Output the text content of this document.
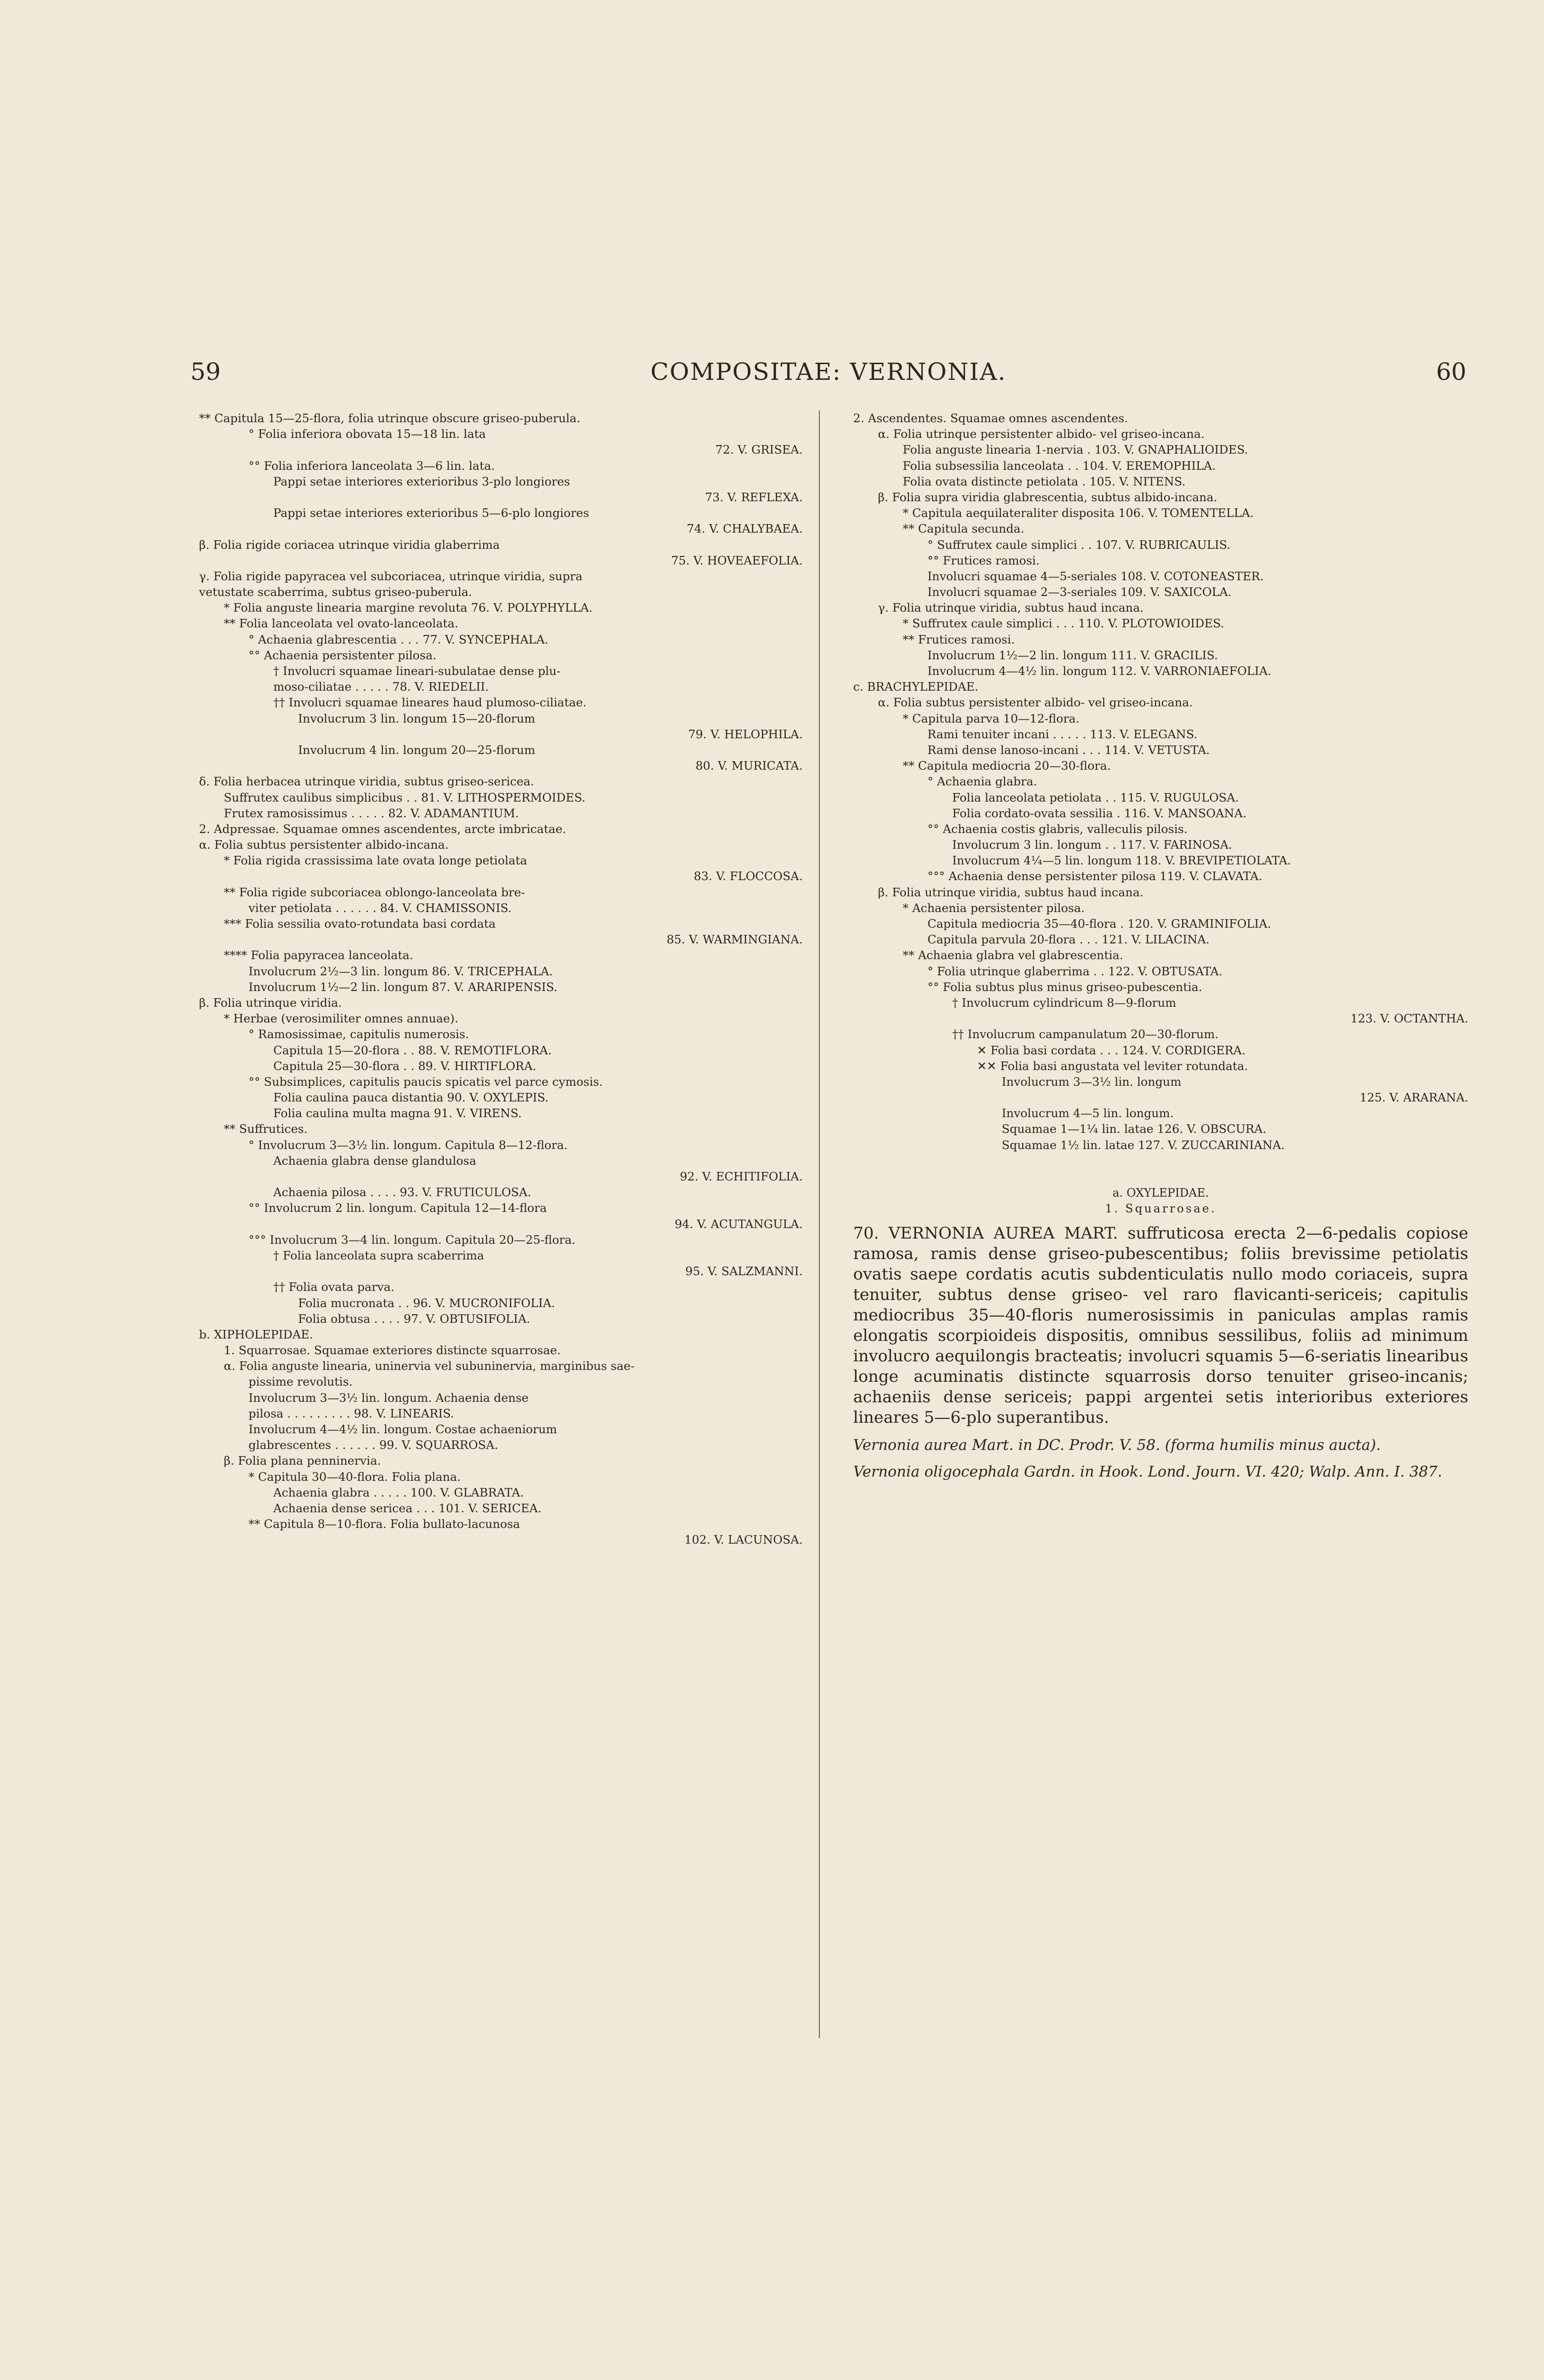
59	COMPOSITAE: VERNONIA.	60
** Capitula 15—25-flora, folia utrinque obscure griseo-puberula.
° Folia inferiora obovata 15—18 lin. lata
72. V. GRISEA.
°° Folia inferiora lanceolata 3—6 lin. lata.
Pappi setae interiores exterioribus 3-plo longiores
73. V. REFLEXA.
Pappi setae interiores exterioribus 5—6-plo longiores
74. V. CHALYBAEA.
β. Folia rigide coriacea utrinque viridia glaberrima
75. V. HOVEAEFOLIA.
γ. Folia rigide papyracea vel subcoriacea, utrinque viridia, supra
vetustate scaberrima, subtus griseo-puberula.
* Folia anguste linearia margine revoluta 76. V. POLYPHYLLA.
** Folia lanceolata vel ovato-lanceolata.
° Achaenia glabrescentia . . . 77. V. SYNCEPHALA.
°° Achaenia persistenter pilosa.
† Involucri squamae lineari-subulatae dense plu-
moso-ciliatae . . . . . 78. V. RIEDELII.
†† Involucri squamae lineares haud plumoso-ciliatae.
Involucrum 3 lin. longum 15—20-florum
79. V. HELOPHILA.
Involucrum 4 lin. longum 20—25-florum
80. V. MURICATA.
δ. Folia herbacea utrinque viridia, subtus griseo-sericea.
Suffrutex caulibus simplicibus . . 81. V. LITHOSPERMOIDES.
Frutex ramosissimus . . . . . 82. V. ADAMANTIUM.
2. Adpressae. Squamae omnes ascendentes, arcte imbricatae.
α. Folia subtus persistenter albido-incana.
* Folia rigida crassissima late ovata longe petiolata
83. V. FLOCCOSA.
** Folia rigide subcoriacea oblongo-lanceolata bre-
viter petiolata . . . . . . 84. V. CHAMISSONIS.
*** Folia sessilia ovato-rotundata basi cordata
85. V. WARMINGIANA.
**** Folia papyracea lanceolata.
Involucrum 2½—3 lin. longum 86. V. TRICEPHALA.
Involucrum 1½—2 lin. longum 87. V. ARARIPENSIS.
β. Folia utrinque viridia.
* Herbae (verosimiliter omnes annuae).
° Ramosissimae, capitulis numerosis.
Capitula 15—20-flora . . 88. V. REMOTIFLORA.
Capitula 25—30-flora . . 89. V. HIRTIFLORA.
°° Subsimplices, capitulis paucis spicatis vel parce cymosis.
Folia caulina pauca distantia 90. V. OXYLEPIS.
Folia caulina multa magna 91. V. VIRENS.
** Suffrutices.
° Involucrum 3—3½ lin. longum. Capitula 8—12-flora.
Achaenia glabra dense glandulosa
92. V. ECHITIFOLIA.
Achaenia pilosa . . . . 93. V. FRUTICULOSA.
°° Involucrum 2 lin. longum. Capitula 12—14-flora
94. V. ACUTANGULA.
°°° Involucrum 3—4 lin. longum. Capitula 20—25-flora.
† Folia lanceolata supra scaberrima
95. V. SALZMANNI.
†† Folia ovata parva.
Folia mucronata . . 96. V. MUCRONIFOLIA.
Folia obtusa . . . . 97. V. OBTUSIFOLIA.
b. XIPHOLEPIDAE.
1. Squarrosae. Squamae exteriores distincte squarrosae.
α. Folia anguste linearia, uninervia vel subuninervia, marginibus sae-
pissime revolutis.
Involucrum 3—3½ lin. longum. Achaenia dense
pilosa . . . . . . . . . 98. V. LINEARIS.
Involucrum 4—4½ lin. longum. Costae achaeniorum
glabrescentes . . . . . . 99. V. SQUARROSA.
β. Folia plana penninervia.
* Capitula 30—40-flora. Folia plana.
Achaenia glabra . . . . . 100. V. GLABRATA.
Achaenia dense sericea . . . 101. V. SERICEA.
** Capitula 8—10-flora. Folia bullato-lacunosa
102. V. LACUNOSA.
2. Ascendentes. Squamae omnes ascendentes.
α. Folia utrinque persistenter albido- vel griseo-incana.
Folia anguste linearia 1-nervia . 103. V. GNAPHALIOIDES.
Folia subsessilia lanceolata . . 104. V. EREMOPHILA.
Folia ovata distincte petiolata . 105. V. NITENS.
β. Folia supra viridia glabrescentia, subtus albido-incana.
* Capitula aequilateraliter disposita 106. V. TOMENTELLA.
** Capitula secunda.
° Suffrutex caule simplici . . 107. V. RUBRICAULIS.
°° Frutices ramosi.
Involucri squamae 4—5-seriales 108. V. COTONEASTER.
Involucri squamae 2—3-seriales 109. V. SAXICOLA.
γ. Folia utrinque viridia, subtus haud incana.
* Suffrutex caule simplici . . . 110. V. PLOTOWIOIDES.
** Frutices ramosi.
Involucrum 1½—2 lin. longum 111. V. GRACILIS.
Involucrum 4—4½ lin. longum 112. V. VARRONIAEFOLIA.
c. BRACHYLEPIDAE.
α. Folia subtus persistenter albido- vel griseo-incana.
* Capitula parva 10—12-flora.
Rami tenuiter incani . . . . . 113. V. ELEGANS.
Rami dense lanoso-incani . . . 114. V. VETUSTA.
** Capitula mediocria 20—30-flora.
° Achaenia glabra.
Folia lanceolata petiolata . . 115. V. RUGULOSA.
Folia cordato-ovata sessilia . 116. V. MANSOANA.
°° Achaenia costis glabris, valleculis pilosis.
Involucrum 3 lin. longum . . 117. V. FARINOSA.
Involucrum 4¼—5 lin. longum 118. V. BREVIPETIOLATA.
°°° Achaenia dense persistenter pilosa 119. V. CLAVATA.
β. Folia utrinque viridia, subtus haud incana.
* Achaenia persistenter pilosa.
Capitula mediocria 35—40-flora . 120. V. GRAMINIFOLIA.
Capitula parvula 20-flora . . . 121. V. LILACINA.
** Achaenia glabra vel glabrescentia.
° Folia utrinque glaberrima . . 122. V. OBTUSATA.
°° Folia subtus plus minus griseo-pubescentia.
† Involucrum cylindricum 8—9-florum
123. V. OCTANTHA.
†† Involucrum campanulatum 20—30-florum.
✕ Folia basi cordata . . . 124. V. CORDIGERA.
✕✕ Folia basi angustata vel leviter rotundata.
Involucrum 3—3½ lin. longum
125. V. ARARANA.
Involucrum 4—5 lin. longum.
Squamae 1—1¼ lin. latae 126. V. OBSCURA.
Squamae 1½ lin. latae 127. V. ZUCCARINIANA.
a. OXYLEPIDAE.
1. Squarrosae.
70. VERNONIA AUREA MART. suffruticosa erecta 2—6-pedalis copiose ramosa, ramis dense griseo-pubescentibus; foliis brevissime petiolatis ovatis saepe cordatis acutis subdenticulatis nullo modo coriaceis, supra tenuiter, subtus dense griseo- vel raro flavicanti-sericeis; capitulis mediocribus 35—40-floris numerosissimis in paniculas amplas ramis elongatis scorpioideis dispositis, omnibus sessilibus, foliis ad minimum involucro aequilongis bracteatis; involucri squamis 5—6-seriatis linearibus longe acuminatis distincte squarrosis dorso tenuiter griseo-incanis; achaeniis dense sericeis; pappi argentei setis interioribus exteriores lineares 5—6-plo superantibus.
Vernonia aurea Mart. in DC. Prodr. V. 58. (forma humilis minus aucta).
Vernonia oligocephala Gardn. in Hook. Lond. Journ. VI. 420; Walp. Ann. I. 387.
